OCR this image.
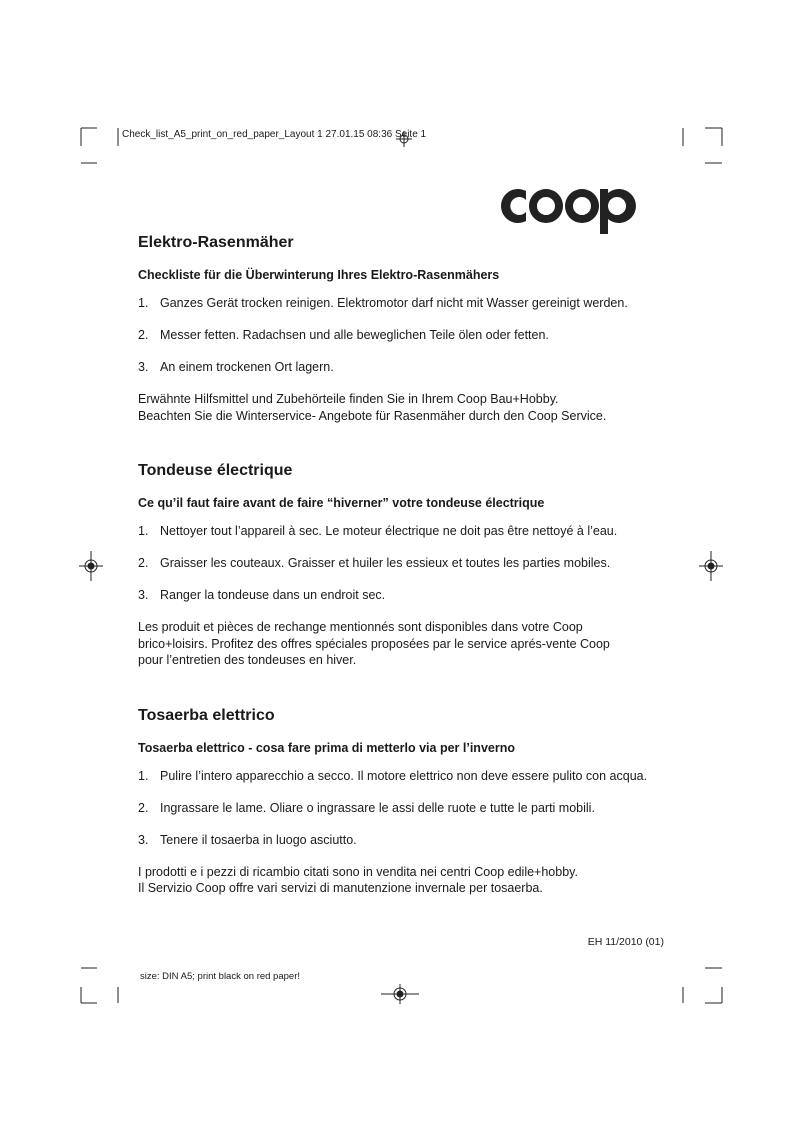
Check_list_A5_print_on_red_paper_Layout 1 27.01.15 08:36 Seite 1
Elektro-Rasenmäher
Checkliste für die Überwinterung Ihres Elektro-Rasenmähers
1. Ganzes Gerät trocken reinigen. Elektromotor darf nicht mit Wasser gereinigt werden.
2. Messer fetten. Radachsen und alle beweglichen Teile ölen oder fetten.
3. An einem trockenen Ort lagern.

Erwähnte Hilfsmittel und Zubehörteile finden Sie in Ihrem Coop Bau+Hobby.
Beachten Sie die Winterservice- Angebote für Rasenmäher durch den Coop Service.

Tondeuse électrique
Ce qu’il faut faire avant de faire “hiverner” votre tondeuse électrique
1. Nettoyer tout l’appareil à sec. Le moteur électrique ne doit pas être nettoyé à l’eau.
2. Graisser les couteaux. Graisser et huiler les essieux et toutes les parties mobiles.
3. Ranger la tondeuse dans un endroit sec.

Les produit et pièces de rechange mentionnés sont disponibles dans votre Coop
brico+loisirs. Profitez des offres spéciales proposées par le service aprés-vente Coop
pour l’entretien des tondeuses en hiver.

Tosaerba elettrico
Tosaerba elettrico - cosa fare prima di metterlo via per l’inverno
1. Pulire l’intero apparecchio a secco. Il motore elettrico non deve essere pulito con acqua.
2. Ingrassare le lame. Oliare o ingrassare le assi delle ruote e tutte le parti mobili.
3. Tenere il tosaerba in luogo asciutto.

I prodotti e i pezzi di ricambio citati sono in vendita nei centri Coop edile+hobby.
Il Servizio Coop offre vari servizi di manutenzione invernale per tosaerba.

EH 11/2010 (01)
size: DIN A5; print black on red paper!
